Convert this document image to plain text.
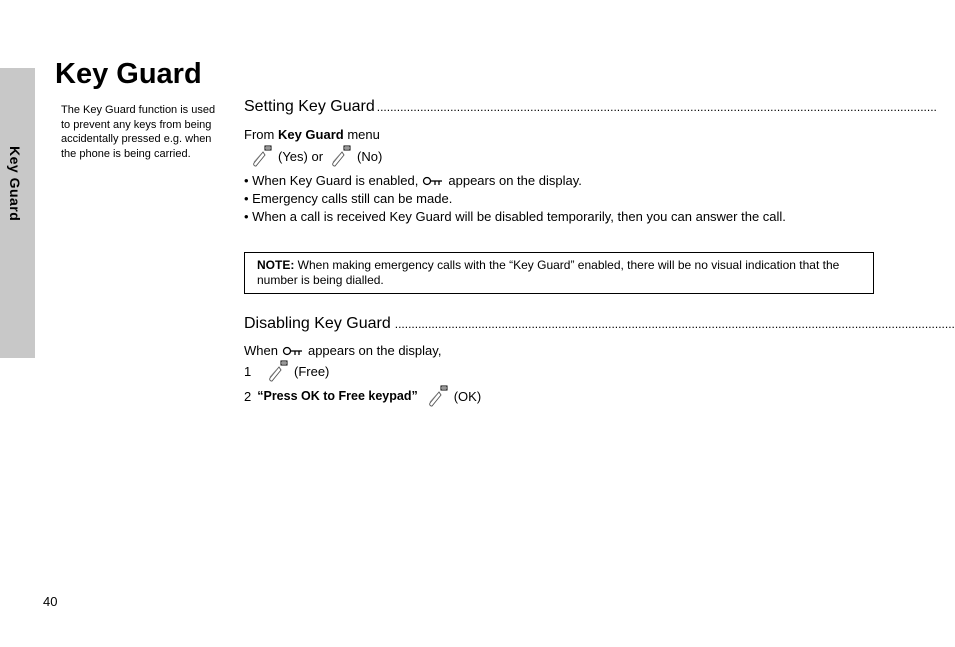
Key Guard
Key Guard

The Key Guard function is used to prevent any keys from being accidentally pressed e.g. when the phone is being carried.

Setting Key Guard ........................................................................................................................................................................
From Key Guard menu
(Yes) or	(No)
• When Key Guard is enabled, appears on the display.
• Emergency calls still can be made.
• When a call is received Key Guard will be disabled temporarily, then you can answer the call.
NOTE: When making emergency calls with the “Key Guard” enabled, there will be no visual indication that the number is being dialled.
Disabling Key Guard ........................................................................................................................................................................
When appears on the display,
1	(Free)
2 “Press OK to Free keypad”	(OK)
40
